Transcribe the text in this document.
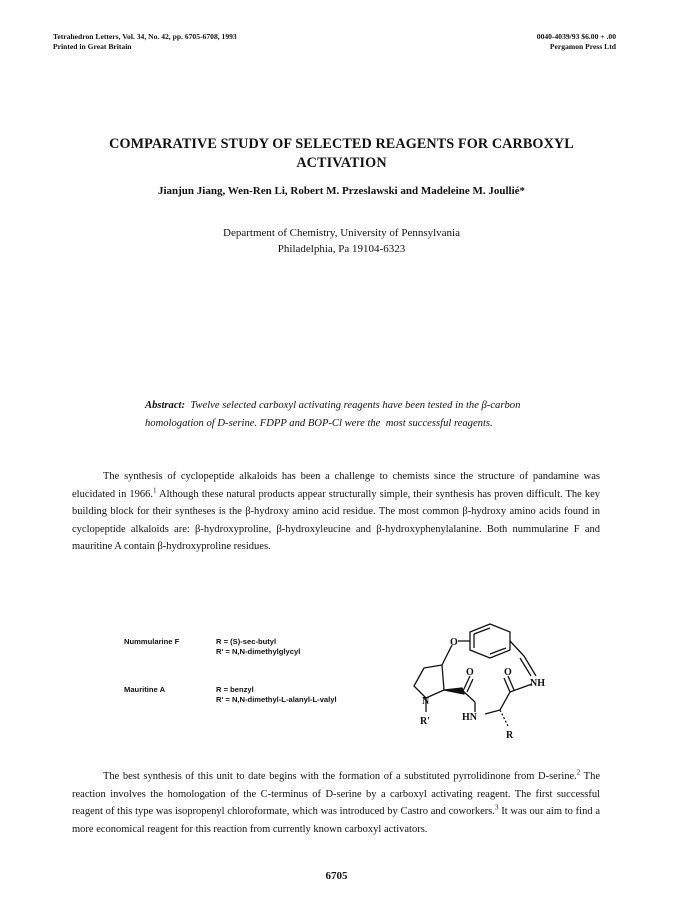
Tetrahedron Letters, Vol. 34, No. 42, pp. 6705-6708, 1993
Printed in Great Britain
0040-4039/93 $6.00 + .00
Pergamon Press Ltd
COMPARATIVE STUDY OF SELECTED REAGENTS FOR CARBOXYL
ACTIVATION
Jianjun Jiang, Wen-Ren Li, Robert M. Przeslawski and Madeleine M. Joullié*
Department of Chemistry, University of Pennsylvania
Philadelphia, Pa 19104-6323
Abstract: Twelve selected carboxyl activating reagents have been tested in the β-carbon homologation of D-serine. FDPP and BOP-Cl were the most successful reagents.

The synthesis of cyclopeptide alkaloids has been a challenge to chemists since the structure of pandamine was elucidated in 1966.$^1$ Although these natural products appear structurally simple, their synthesis has proven difficult. The key building block for their syntheses is the β-hydroxy amino acid residue. The most common β-hydroxy amino acids found in cyclopeptide alkaloids are: β-hydroxyproline, β-hydroxyleucine and β-hydroxyphenylalanine. Both nummularine F and mauritine A contain β-hydroxyproline residues.

Nummularine F	R = (S)-sec-butyl
R' = N,N-dimethylglycyl
Mauritine A	R = benzyl
R' = N,N-dimethyl-L-alanyl-L-valyl
O
O	O
NH
N
R'	HN
R

The best synthesis of this unit to date begins with the formation of a substituted pyrrolidinone from D-serine.$^2$ The reaction involves the homologation of the C-terminus of D-serine by a carboxyl activating reagent. The first successful reagent of this type was isopropenyl chloroformate, which was introduced by Castro and coworkers.$^3$ It was our aim to find a more economical reagent for this reaction from currently known carboxyl activators.

6705
